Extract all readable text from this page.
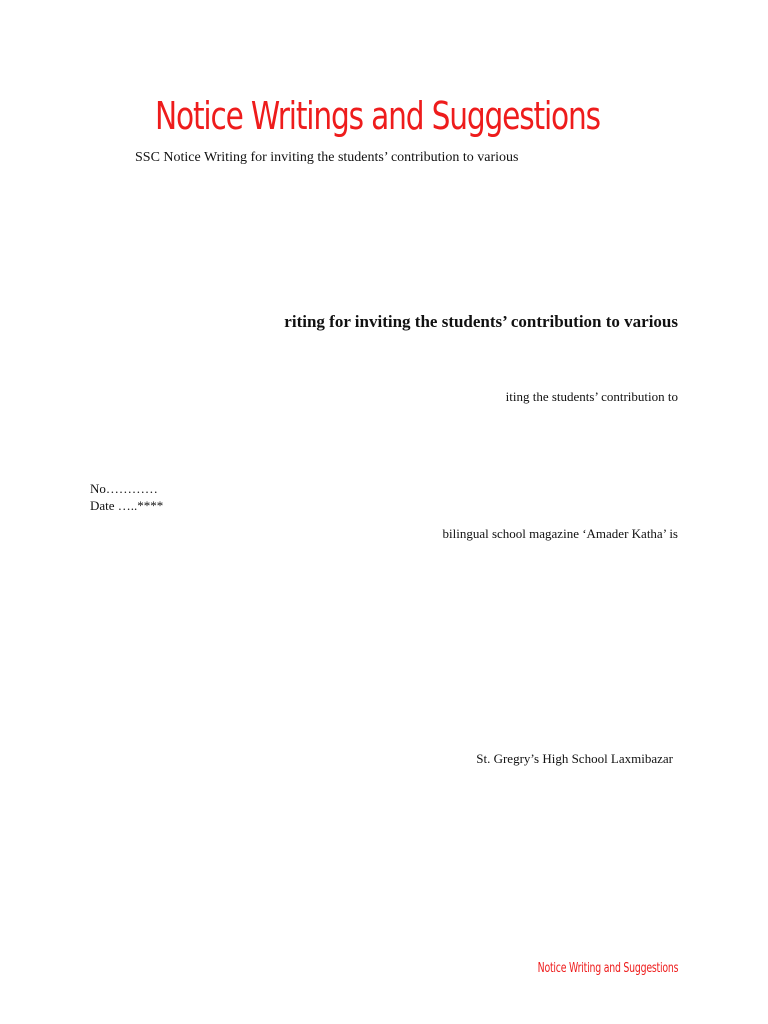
Notice Writings and Suggestions
SSC Notice Writing for inviting the students’ contribution to various
riting for inviting the students’ contribution to various
iting the students’ contribution to
No…………
Date …..****
bilingual school magazine ‘Amader Katha’ is
St. Gregry’s High School Laxmibazar
Notice Writing and Suggestions
